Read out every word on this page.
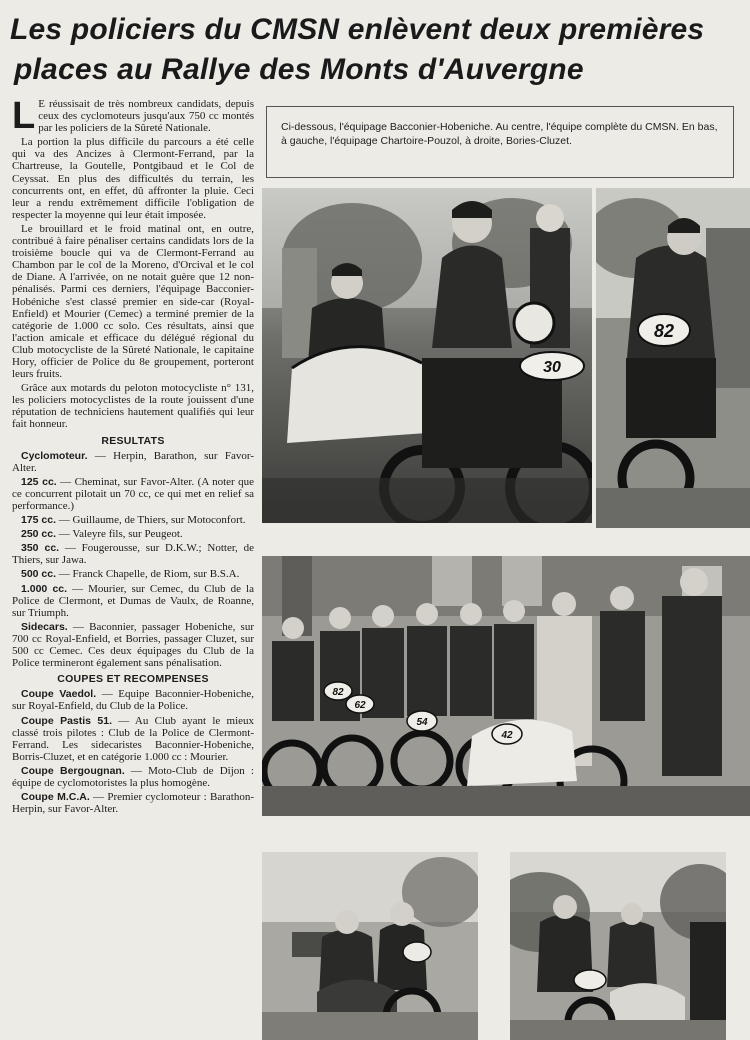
Les policiers du CMSN enlèvent deux premières
places au Rallye des Monts d'Auvergne

L E réussisait de très nombreux candidats, depuis ceux des cyclomoteurs jusqu'aux 750 cc montés par les policiers de la Sûreté Nationale.

La portion la plus difficile du parcours a été celle qui va des Ancizes à Clermont-Ferrand, par la Chartreuse, la Goutelle, Pontgibaud et le Col de Ceyssat. En plus des difficultés du terrain, les concurrents ont, en effet, dû affronter la pluie. Ceci leur a rendu extrêmement difficile l'obligation de respecter la moyenne qui leur était imposée.

Le brouillard et le froid matinal ont, en outre, contribué à faire pénaliser certains candidats lors de la troisième boucle qui va de Clermont-Ferrand au Chambon par le col de la Moreno, d'Orcival et le col de Diane. A l'arrivée, on ne notait guère que 12 non-pénalisés. Parmi ces derniers, l'équipage Bacconier-Hobéniche s'est classé premier en side-car (Royal-Enfield) et Mourier (Cemec) a terminé premier de la catégorie de 1.000 cc solo. Ces résultats, ainsi que l'action amicale et efficace du délégué régional du Club motocycliste de la Sûreté Nationale, le capitaine Hory, officier de Police du 8e groupement, porteront leurs fruits.

Grâce aux motards du peloton motocycliste n° 131, les policiers motocyclistes de la route jouissent d'une réputation de techniciens hautement qualifiés qui leur fait honneur.

RESULTATS

Cyclomoteur. — Herpin, Barathon, sur Favor-Alter.

125 cc. — Cheminat, sur Favor-Alter. (A noter que ce concurrent pilotait un 70 cc, ce qui met en relief sa performance.)

175 cc. — Guillaume, de Thiers, sur Motoconfort.

250 cc. — Valeyre fils, sur Peugeot.

350 cc. — Fougerousse, sur D.K.W.; Notter, de Thiers, sur Jawa.

500 cc. — Franck Chapelle, de Riom, sur B.S.A.

1.000 cc. — Mourier, sur Cemec, du Club de la Police de Clermont, et Dumas de Vaulx, de Roanne, sur Triumph.

Sidecars. — Baconnier, passager Hobeniche, sur 700 cc Royal-Enfield, et Borries, passager Cluzet, sur 500 cc Cemec. Ces deux équipages du Club de la Police termineront également sans pénalisation.

COUPES ET RECOMPENSES

Coupe Vaedol. — Equipe Baconnier-Hobeniche, sur Royal-Enfield, du Club de la Police.

Coupe Pastis 51. — Au Club ayant le mieux classé trois pilotes : Club de la Police de Clermont-Ferrand. Les sidecaristes Baconnier-Hobeniche, Borris-Cluzet, et en catégorie 1.000 cc : Mourier.

Coupe Bergougnan. — Moto-Club de Dijon : équipe de cyclomotoristes la plus homogène.

Coupe M.C.A. — Premier cyclomoteur : Barathon-Herpin, sur Favor-Alter.

Ci-dessous, l'équipage Bacconier-Hobeniche. Au centre, l'équipe complète du CMSN. En bas, à gauche, l'équipage Chartoire-Pouzol, à droite, Bories-Cluzet.
30
82
82
62
54
42
